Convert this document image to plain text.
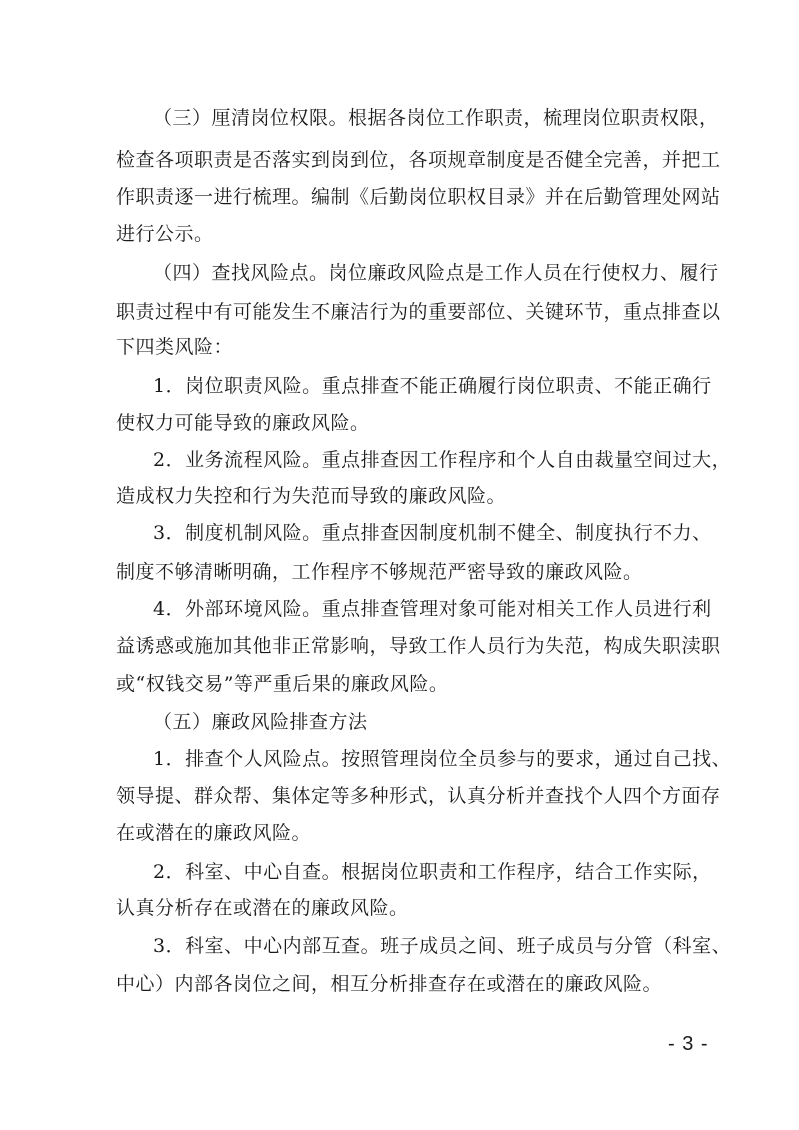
（三）厘清岗位权限。根据各岗位工作职责，梳理岗位职责权限，
检查各项职责是否落实到岗到位，各项规章制度是否健全完善，并把工
作职责逐一进行梳理。编制《后勤岗位职权目录》并在后勤管理处网站
进行公示。
（四）查找风险点。岗位廉政风险点是工作人员在行使权力、履行
职责过程中有可能发生不廉洁行为的重要部位、关键环节，重点排查以
下四类风险：
1．岗位职责风险。重点排查不能正确履行岗位职责、不能正确行
使权力可能导致的廉政风险。
2．业务流程风险。重点排查因工作程序和个人自由裁量空间过大，
造成权力失控和行为失范而导致的廉政风险。
3．制度机制风险。重点排查因制度机制不健全、制度执行不力、
制度不够清晰明确，工作程序不够规范严密导致的廉政风险。
4．外部环境风险。重点排查管理对象可能对相关工作人员进行利
益诱惑或施加其他非正常影响，导致工作人员行为失范，构成失职渎职
或“权钱交易”等严重后果的廉政风险。
（五）廉政风险排查方法
1．排查个人风险点。按照管理岗位全员参与的要求，通过自己找、
领导提、群众帮、集体定等多种形式，认真分析并查找个人四个方面存
在或潜在的廉政风险。
2．科室、中心自查。根据岗位职责和工作程序，结合工作实际，
认真分析存在或潜在的廉政风险。
3．科室、中心内部互查。班子成员之间、班子成员与分管（科室、
中心）内部各岗位之间，相互分析排查存在或潜在的廉政风险。
- 3 -
